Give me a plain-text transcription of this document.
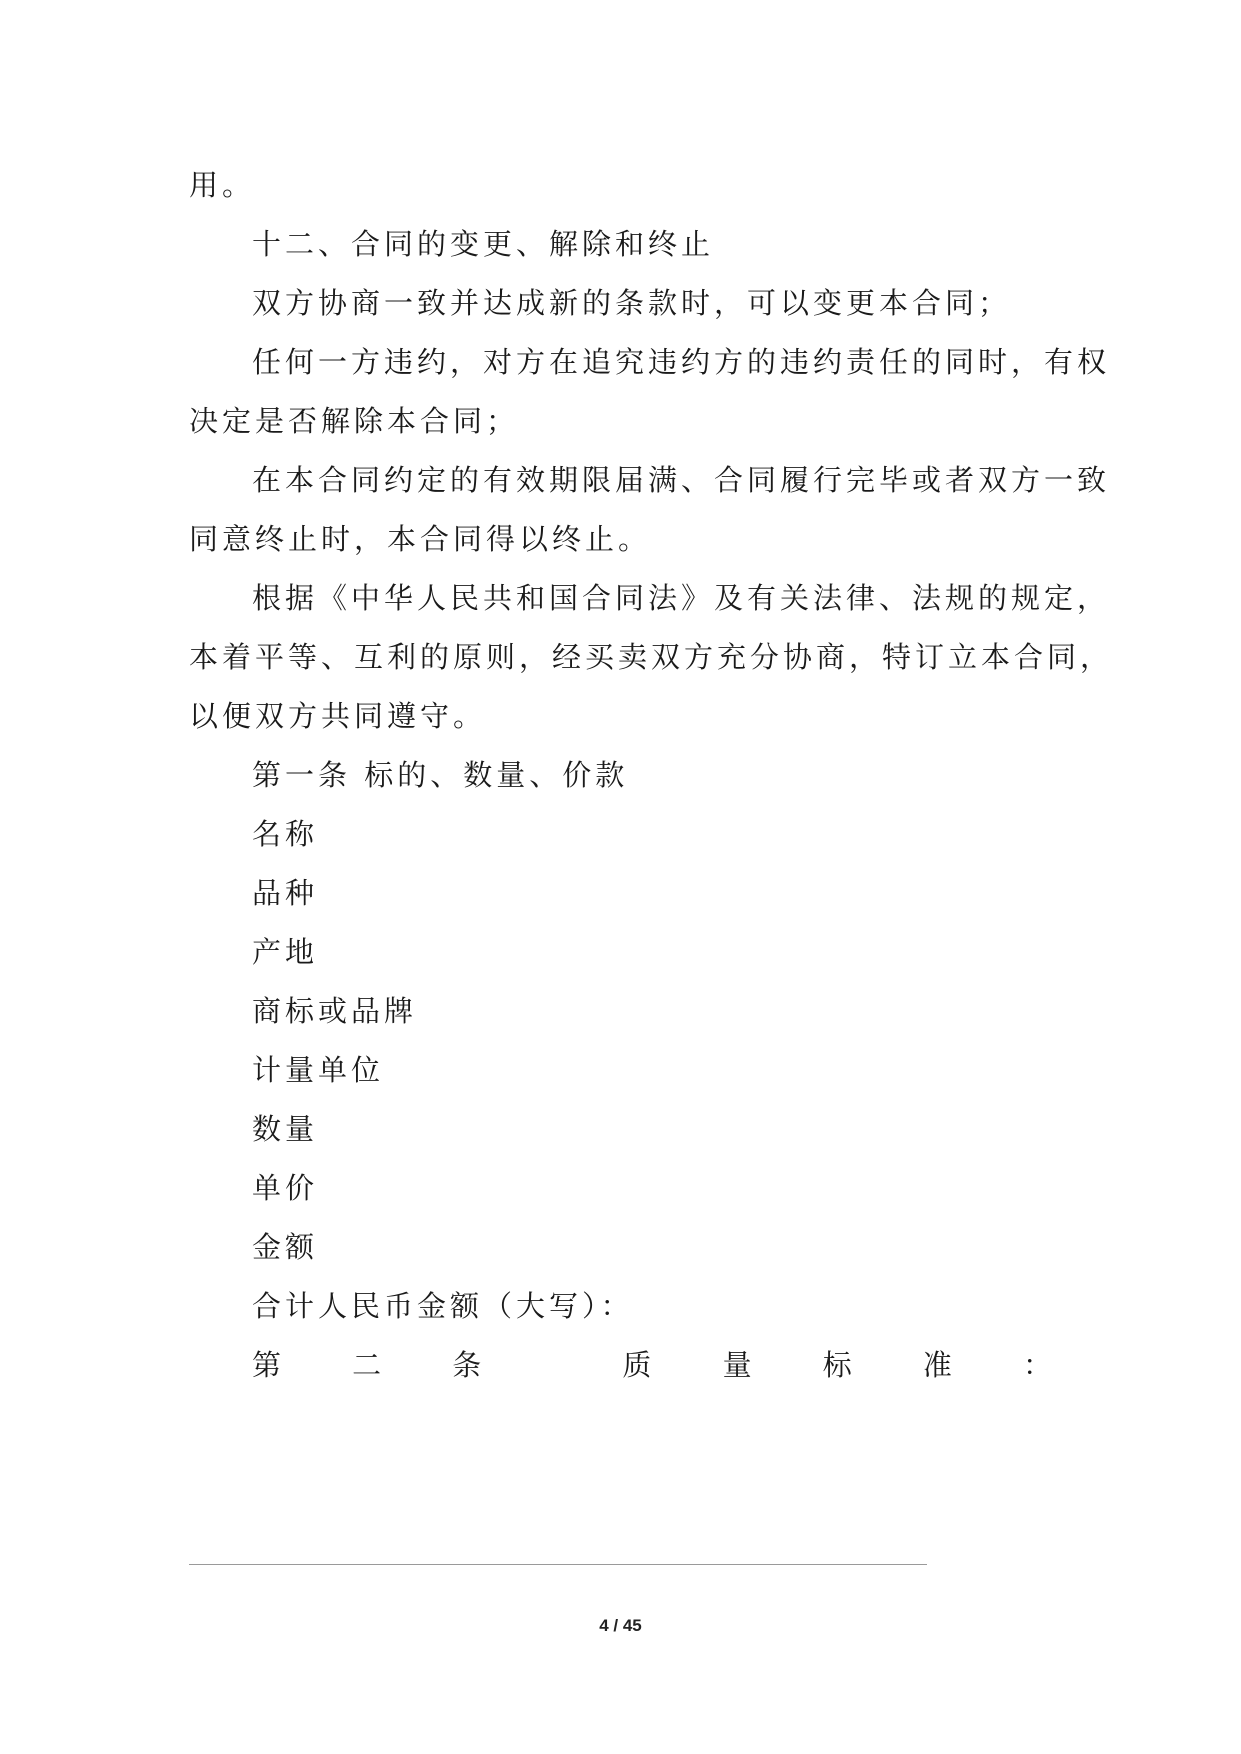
用。
十二、合同的变更、解除和终止
双方协商一致并达成新的条款时，可以变更本合同；
任何一方违约，对方在追究违约方的违约责任的同时，有权
决定是否解除本合同；
在本合同约定的有效期限届满、合同履行完毕或者双方一致
同意终止时，本合同得以终止。
根据《中华人民共和国合同法》及有关法律、法规的规定，
本着平等、互利的原则，经买卖双方充分协商，特订立本合同，
以便双方共同遵守。
第一条 标的、数量、价款
名称
品种
产地
商标或品牌
计量单位
数量
单价
金额
合计人民币金额（大写）：
第 二 条	质 量 标 准 ：
4 / 45
